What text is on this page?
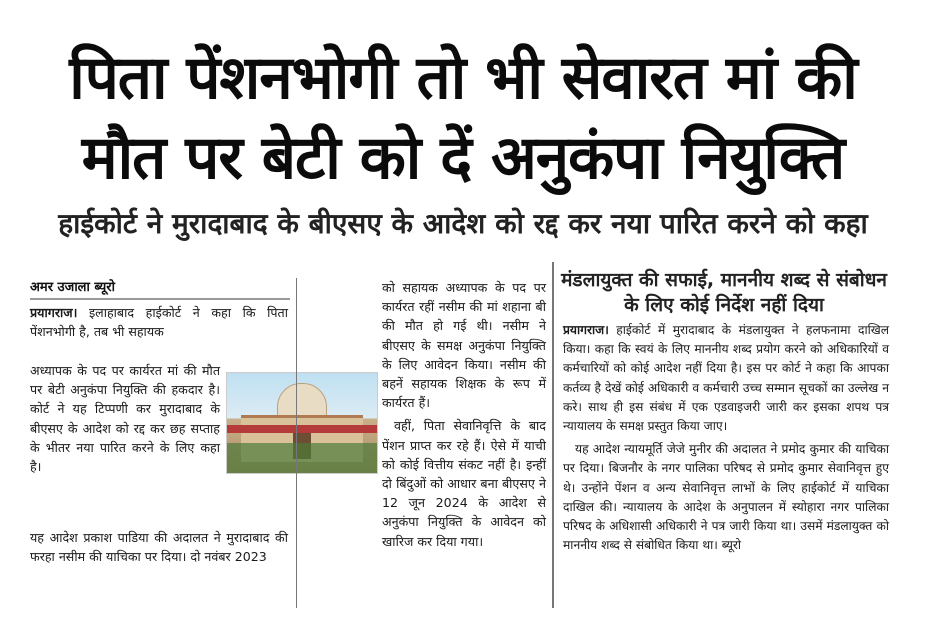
पिता पेंशनभोगी तो भी सेवारत मां की
मौत पर बेटी को दें अनुकंपा नियुक्ति
हाईकोर्ट ने मुरादाबाद के बीएसए के आदेश को रद्द कर नया पारित करने को कहा
अमर उजाला ब्यूरो

प्रयागराज। इलाहाबाद हाईकोर्ट ने कहा कि पिता पेंशनभोगी है, तब भी सहायक

अध्यापक के पद पर कार्यरत मां की मौत पर बेटी अनुकंपा नियुक्ति की हकदार है। कोर्ट ने यह टिप्पणी कर मुरादाबाद के बीएसए के आदेश को रद्द कर छह सप्ताह के भीतर नया पारित करने के लिए कहा है।

यह आदेश प्रकाश पाडिया की अदालत ने मुरादाबाद की फरहा नसीम की याचिका पर दिया। दो नवंबर 2023

को सहायक अध्यापक के पद पर कार्यरत रहीं नसीम की मां शहाना बी की मौत हो गई थी। नसीम ने बीएसए के समक्ष अनुकंपा नियुक्ति के लिए आवेदन किया। नसीम की बहनें सहायक शिक्षक के रूप में कार्यरत हैं।

वहीं, पिता सेवानिवृत्ति के बाद पेंशन प्राप्त कर रहे हैं। ऐसे में याची को कोई वित्तीय संकट नहीं है। इन्हीं दो बिंदुओं को आधार बना बीएसए ने 12 जून 2024 के आदेश से अनुकंपा नियुक्ति के आवेदन को खारिज कर दिया गया।

मंडलायुक्त की सफाई, माननीय शब्द से संबोधन के लिए कोई निर्देश नहीं दिया

प्रयागराज। हाईकोर्ट में मुरादाबाद के मंडलायुक्त ने हलफनामा दाखिल किया। कहा कि स्वयं के लिए माननीय शब्द प्रयोग करने को अधिकारियों व कर्मचारियों को कोई आदेश नहीं दिया है। इस पर कोर्ट ने कहा कि आपका कर्तव्य है देखें कोई अधिकारी व कर्मचारी उच्च सम्मान सूचकों का उल्लेख न करे। साथ ही इस संबंध में एक एडवाइजरी जारी कर इसका शपथ पत्र न्यायालय के समक्ष प्रस्तुत किया जाए।

यह आदेश न्यायमूर्ति जेजे मुनीर की अदालत ने प्रमोद कुमार की याचिका पर दिया। बिजनौर के नगर पालिका परिषद से प्रमोद कुमार सेवानिवृत्त हुए थे। उन्होंने पेंशन व अन्य सेवानिवृत्त लाभों के लिए हाईकोर्ट में याचिका दाखिल की। न्यायालय के आदेश के अनुपालन में स्योहारा नगर पालिका परिषद के अधिशासी अधिकारी ने पत्र जारी किया था। उसमें मंडलायुक्त को माननीय शब्द से संबोधित किया था। ब्यूरो
